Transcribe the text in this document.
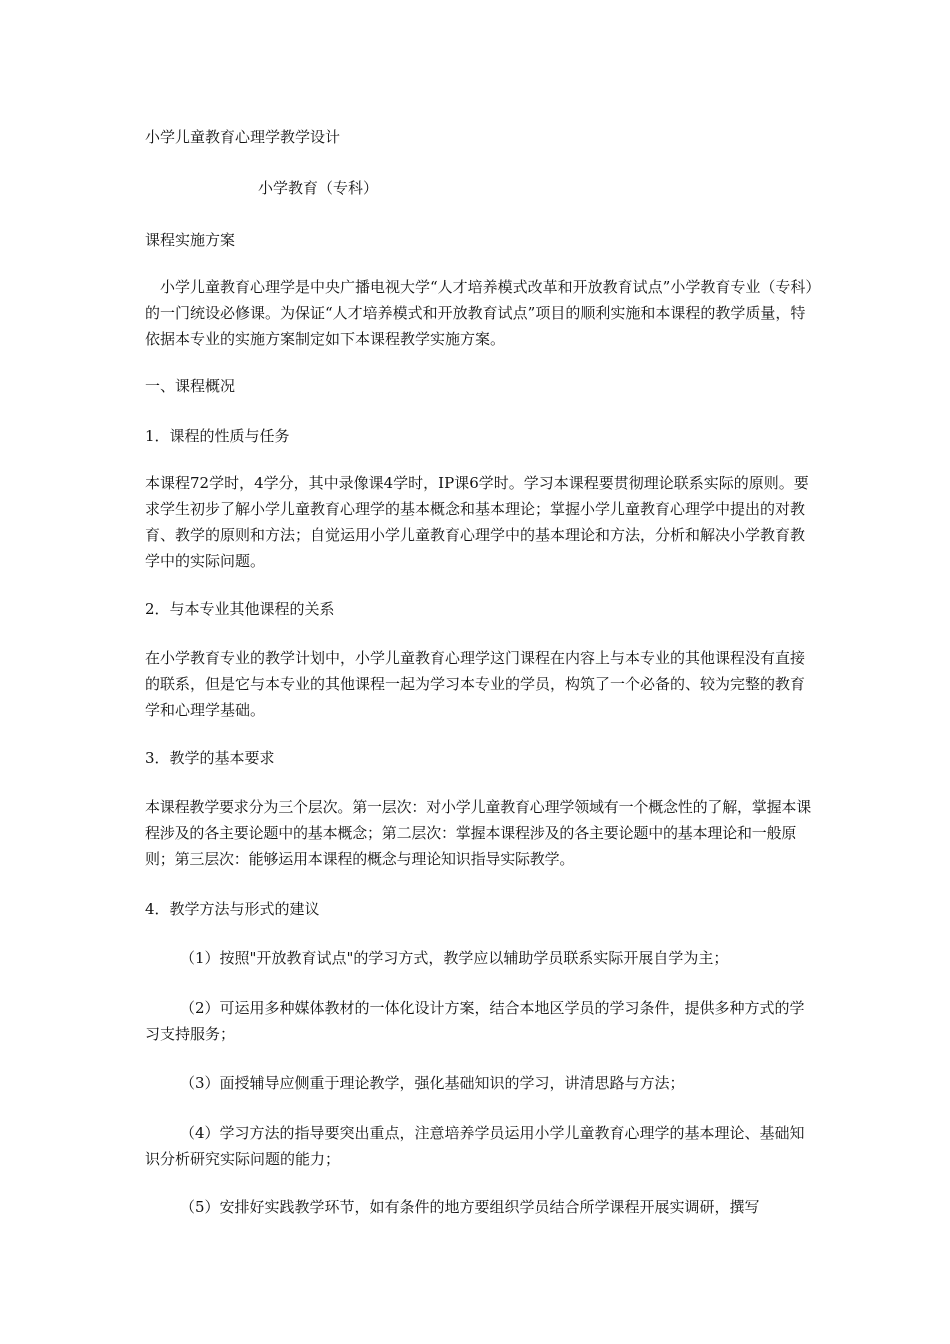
小学儿童教育心理学教学设计
小学教育（专科）
课程实施方案
小学儿童教育心理学是中央广播电视大学“人才培养模式改革和开放教育试点”小学教育专业（专科）的一门统设必修课。为保证“人才培养模式和开放教育试点”项目的顺利实施和本课程的教学质量，特依据本专业的实施方案制定如下本课程教学实施方案。
一、课程概况
1．课程的性质与任务
本课程72学时，4学分，其中录像课4学时，IP课6学时。学习本课程要贯彻理论联系实际的原则。要求学生初步了解小学儿童教育心理学的基本概念和基本理论；掌握小学儿童教育心理学中提出的对教育、教学的原则和方法；自觉运用小学儿童教育心理学中的基本理论和方法，分析和解决小学教育教学中的实际问题。
2．与本专业其他课程的关系
在小学教育专业的教学计划中，小学儿童教育心理学这门课程在内容上与本专业的其他课程没有直接的联系，但是它与本专业的其他课程一起为学习本专业的学员，构筑了一个必备的、较为完整的教育学和心理学基础。
3．教学的基本要求
本课程教学要求分为三个层次。第一层次：对小学儿童教育心理学领域有一个概念性的了解，掌握本课程涉及的各主要论题中的基本概念；第二层次：掌握本课程涉及的各主要论题中的基本理论和一般原则；第三层次：能够运用本课程的概念与理论知识指导实际教学。
4．教学方法与形式的建议
（1）按照"开放教育试点"的学习方式，教学应以辅助学员联系实际开展自学为主；
（2）可运用多种媒体教材的一体化设计方案，结合本地区学员的学习条件，提供多种方式的学习支持服务；
（3）面授辅导应侧重于理论教学，强化基础知识的学习，讲清思路与方法；
（4）学习方法的指导要突出重点，注意培养学员运用小学儿童教育心理学的基本理论、基础知识分析研究实际问题的能力；
（5）安排好实践教学环节，如有条件的地方要组织学员结合所学课程开展实调研，撰写
